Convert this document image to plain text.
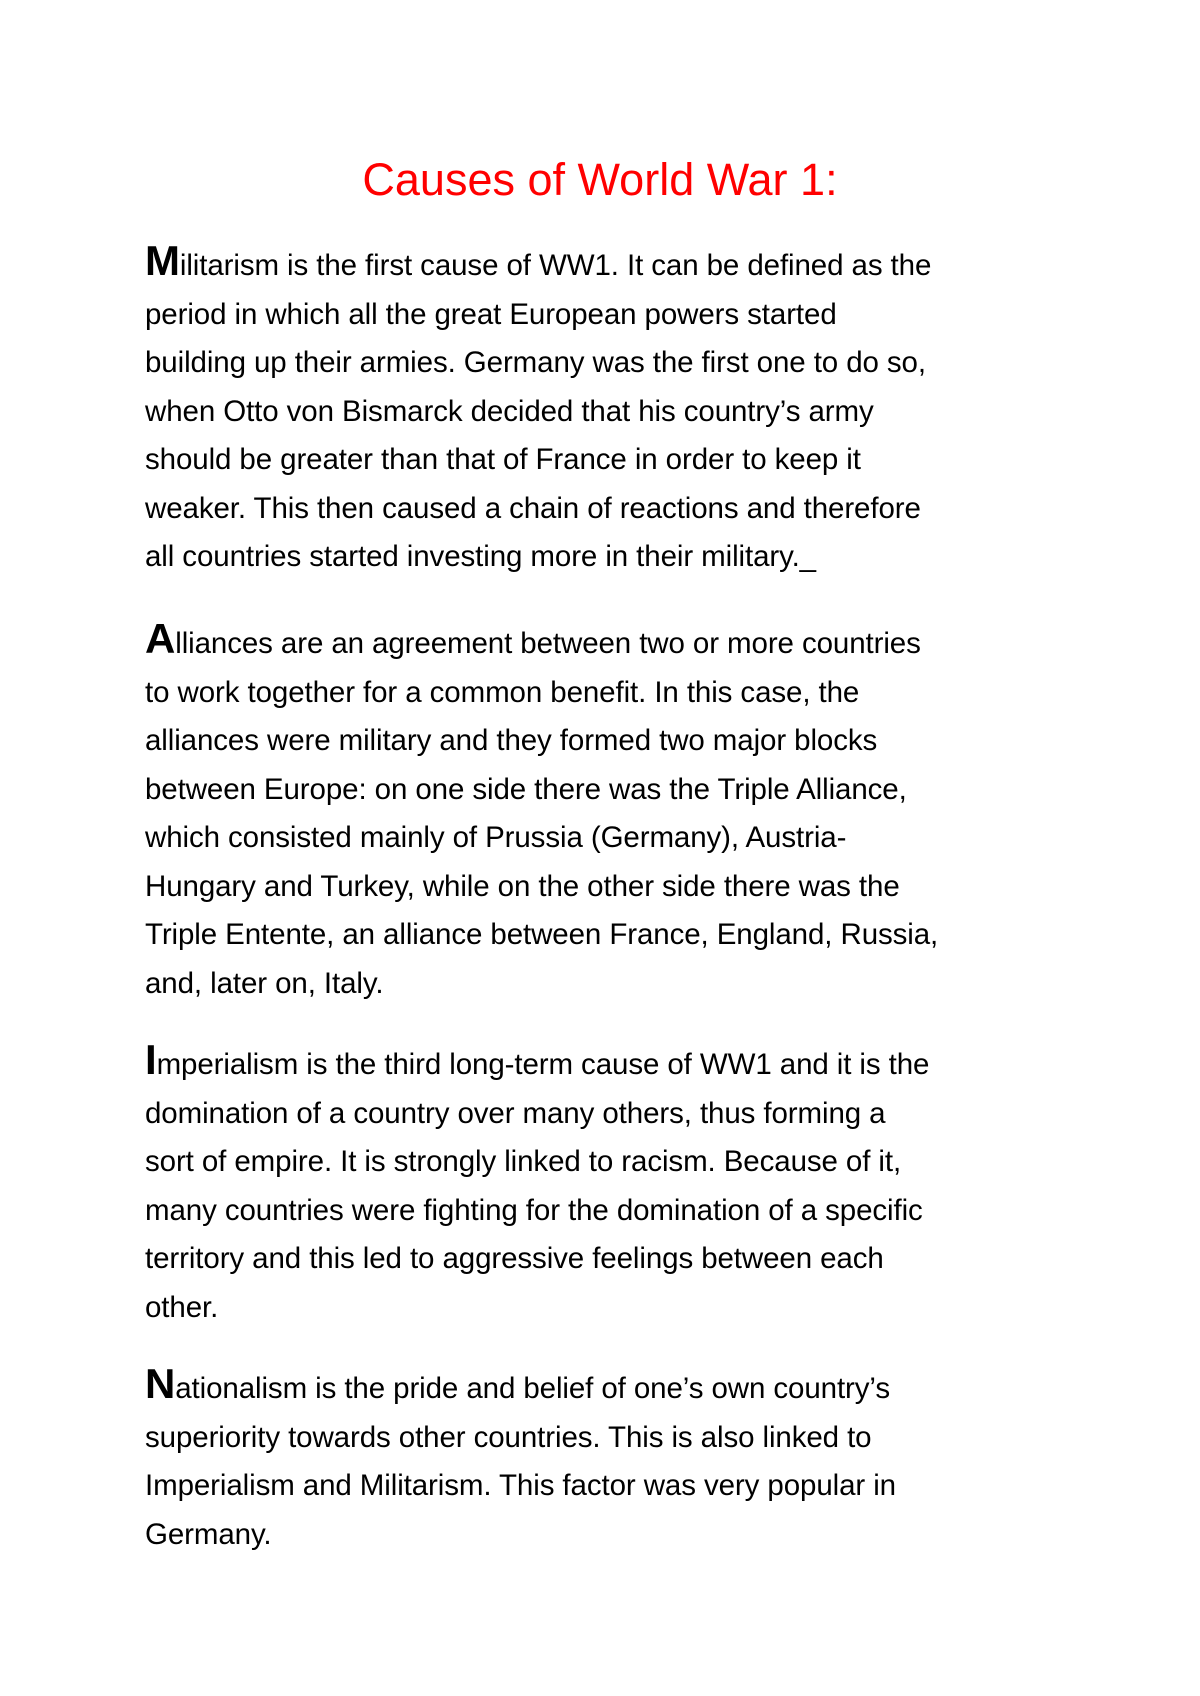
Causes of World War 1:

Militarism is the first cause of WW1. It can be defined as the
period in which all the great European powers started
building up their armies. Germany was the first one to do so,
when Otto von Bismarck decided that his country’s army
should be greater than that of France in order to keep it
weaker. This then caused a chain of reactions and therefore
all countries started investing more in their military._

Alliances are an agreement between two or more countries
to work together for a common benefit. In this case, the
alliances were military and they formed two major blocks
between Europe: on one side there was the Triple Alliance,
which consisted mainly of Prussia (Germany), Austria-
Hungary and Turkey, while on the other side there was the
Triple Entente, an alliance between France, England, Russia,
and, later on, Italy.

Imperialism is the third long-term cause of WW1 and it is the
domination of a country over many others, thus forming a
sort of empire. It is strongly linked to racism. Because of it,
many countries were fighting for the domination of a specific
territory and this led to aggressive feelings between each
other.

Nationalism is the pride and belief of one’s own country’s
superiority towards other countries. This is also linked to
Imperialism and Militarism. This factor was very popular in
Germany.
